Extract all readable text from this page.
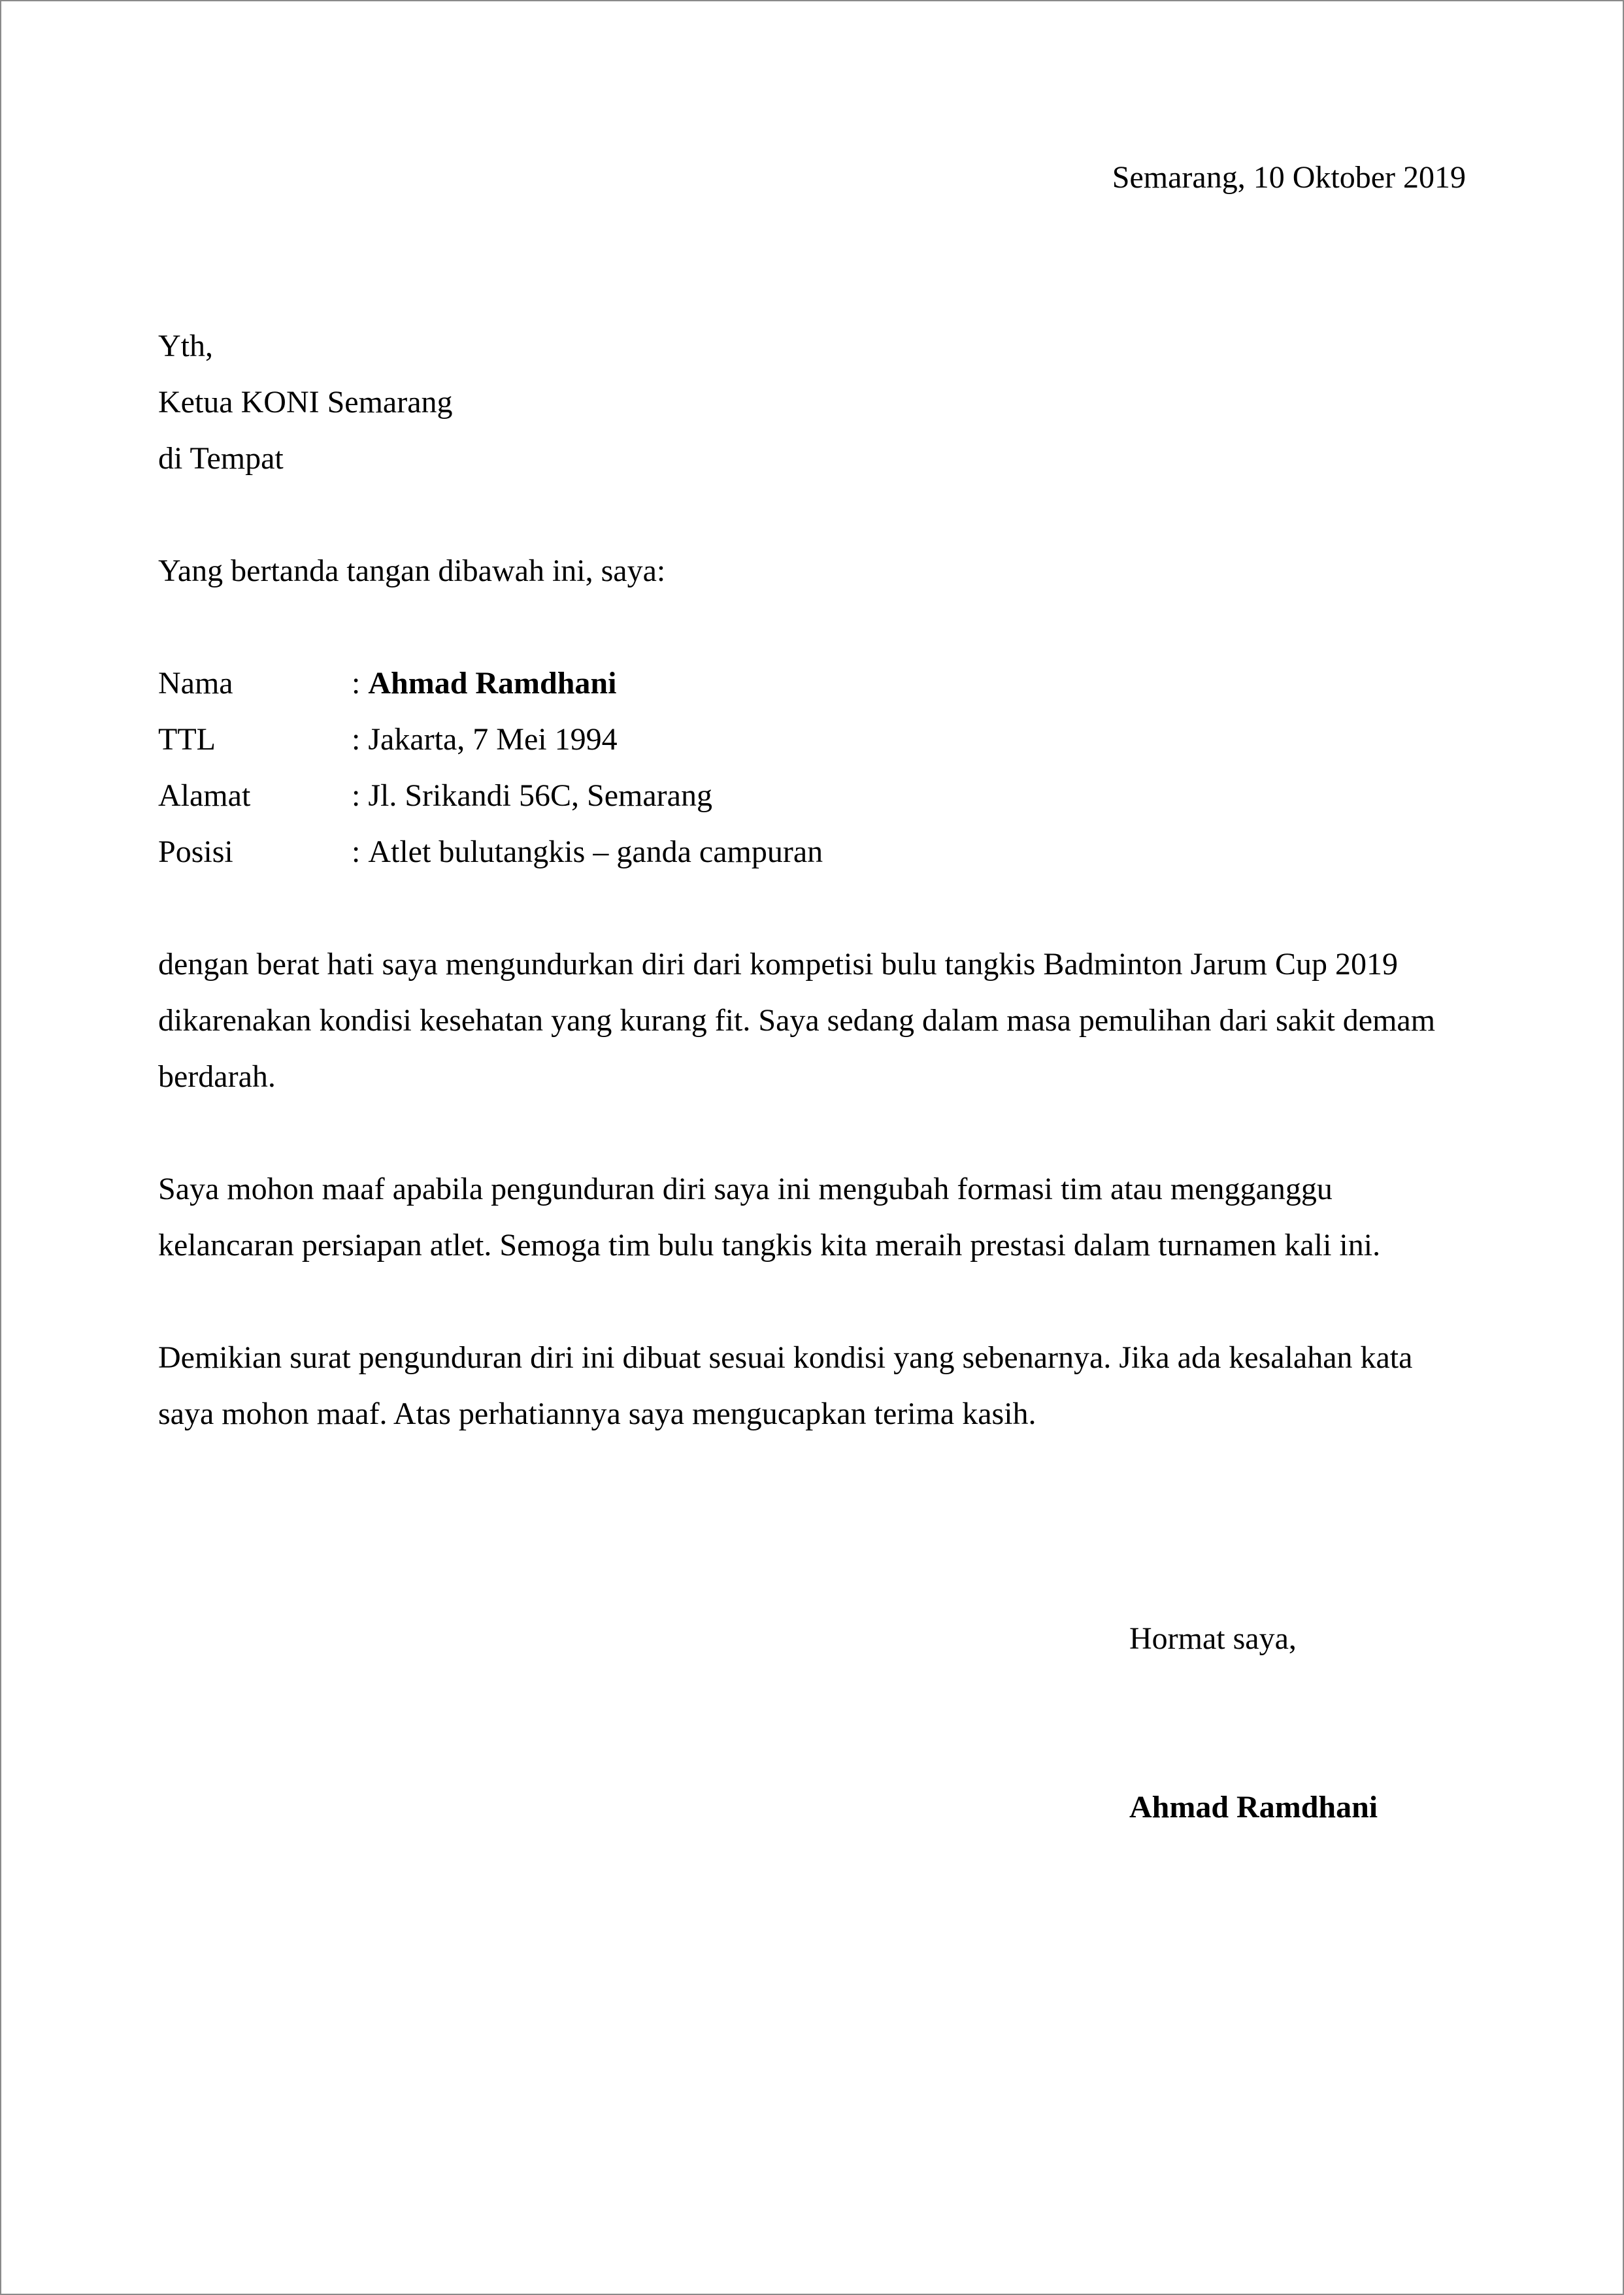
Semarang, 10 Oktober 2019
Yth,
Ketua KONI Semarang
di Tempat
Yang bertanda tangan dibawah ini, saya:
Nama	: Ahmad Ramdhani
TTL	: Jakarta, 7 Mei 1994
Alamat	: Jl. Srikandi 56C, Semarang
Posisi	: Atlet bulutangkis – ganda campuran
dengan berat hati saya mengundurkan diri dari kompetisi bulu tangkis Badminton Jarum Cup 2019 dikarenakan kondisi kesehatan yang kurang fit. Saya sedang dalam masa pemulihan dari sakit demam berdarah.
Saya mohon maaf apabila pengunduran diri saya ini mengubah formasi tim atau mengganggu kelancaran persiapan atlet. Semoga tim bulu tangkis kita meraih prestasi dalam turnamen kali ini.
Demikian surat pengunduran diri ini dibuat sesuai kondisi yang sebenarnya. Jika ada kesalahan kata saya mohon maaf. Atas perhatiannya saya mengucapkan terima kasih.
Hormat saya,
Ahmad Ramdhani
